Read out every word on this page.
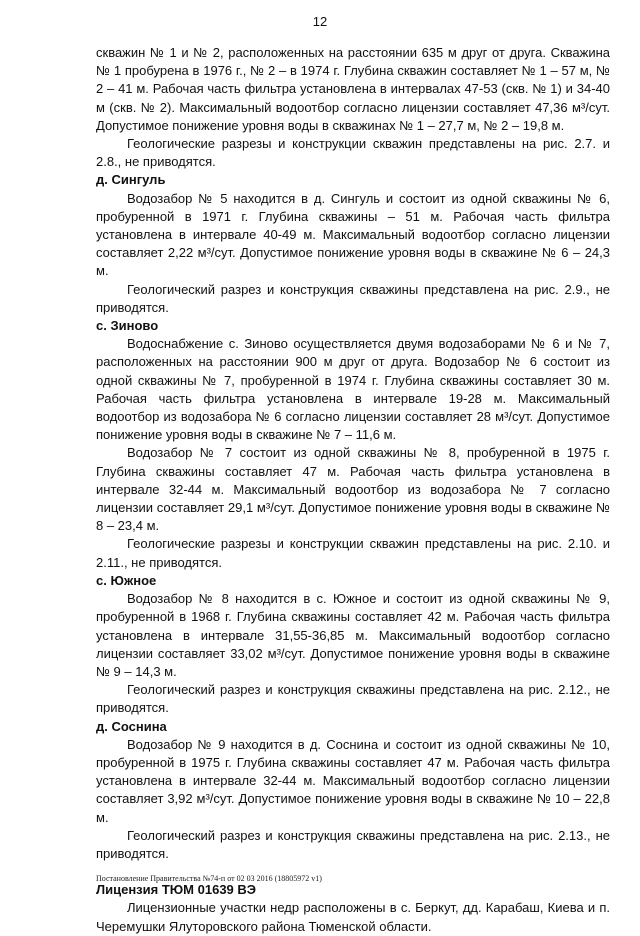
12

скважин № 1 и № 2, расположенных на расстоянии 635 м друг от друга. Скважина № 1 пробурена в 1976 г., № 2 – в 1974 г. Глубина скважин составляет № 1 – 57 м, № 2 – 41 м. Рабочая часть фильтра установлена в интервалах 47-53 (скв. № 1) и 34-40 м (скв. № 2). Максимальный водоотбор согласно лицензии составляет 47,36 м³/сут. Допустимое понижение уровня воды в скважинах № 1 – 27,7 м, № 2 – 19,8 м.

Геологические разрезы и конструкции скважин представлены на рис. 2.7. и 2.8., не приводятся.

д. Сингуль

Водозабор № 5 находится в д. Сингуль и состоит из одной скважины № 6, пробуренной в 1971 г. Глубина скважины – 51 м. Рабочая часть фильтра установлена в интервале 40-49 м. Максимальный водоотбор согласно лицензии составляет 2,22 м³/сут. Допустимое понижение уровня воды в скважине № 6 – 24,3 м.

Геологический разрез и конструкция скважины представлена на рис. 2.9., не приводятся.

с. Зиново

Водоснабжение с. Зиново осуществляется двумя водозаборами № 6 и № 7, расположенных на расстоянии 900 м друг от друга. Водозабор № 6 состоит из одной скважины № 7, пробуренной в 1974 г. Глубина скважины составляет 30 м. Рабочая часть фильтра установлена в интервале 19-28 м. Максимальный водоотбор из водозабора № 6 согласно лицензии составляет 28 м³/сут. Допустимое понижение уровня воды в скважине № 7 – 11,6 м.

Водозабор № 7 состоит из одной скважины № 8, пробуренной в 1975 г. Глубина скважины составляет 47 м. Рабочая часть фильтра установлена в интервале 32-44 м. Максимальный водоотбор из водозабора № 7 согласно лицензии составляет 29,1 м³/сут. Допустимое понижение уровня воды в скважине № 8 – 23,4 м.

Геологические разрезы и конструкции скважин представлены на рис. 2.10. и 2.11., не приводятся.

с. Южное

Водозабор № 8 находится в с. Южное и состоит из одной скважины № 9, пробуренной в 1968 г. Глубина скважины составляет 42 м. Рабочая часть фильтра установлена в интервале 31,55-36,85 м. Максимальный водоотбор согласно лицензии составляет 33,02 м³/сут. Допустимое понижение уровня воды в скважине № 9 – 14,3 м.

Геологический разрез и конструкция скважины представлена на рис. 2.12., не приводятся.

д. Соснина

Водозабор № 9 находится в д. Соснина и состоит из одной скважины № 10, пробуренной в 1975 г. Глубина скважины составляет 47 м. Рабочая часть фильтра установлена в интервале 32-44 м. Максимальный водоотбор согласно лицензии составляет 3,92 м³/сут. Допустимое понижение уровня воды в скважине № 10 – 22,8 м.

Геологический разрез и конструкция скважины представлена на рис. 2.13., не приводятся.

Лицензия ТЮМ 01639 ВЭ

Лицензионные участки недр расположены в с. Беркут, дд. Карабаш, Киева и п. Черемушки Ялуторовского района Тюменской области.

Постановление Правительства №74-п от 02 03 2016 (18805972 v1)
